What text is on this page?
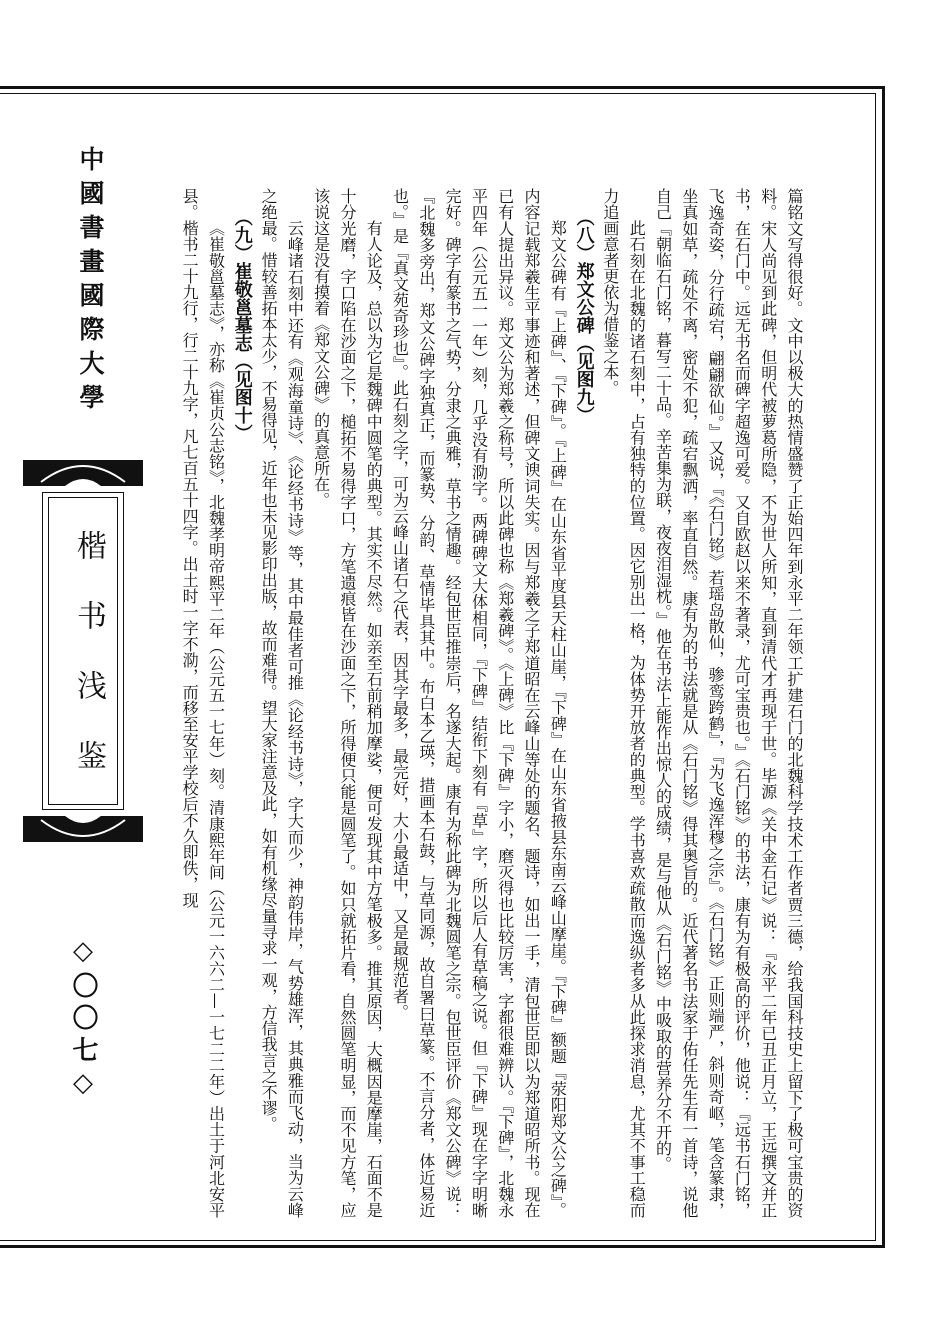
中國書畫國際大學
楷书浅鉴
◇〇〇七◇	篇铭文写得很好。文中以极大的热情盛赞了正始四年到永平二年领工扩建石门的北魏科学技术工作者贾三德，给我国科技史上留下了极可宝贵的资料。宋人尚见到此碑，但明代被萝葛所隐，不为世人所知，直到清代才再现于世。毕源《关中金石记》说：『永平二年已丑正月立，王远撰文并正书，在石门中。远无书名而碑字超逸可爱。又自欧赵以来不著录，尤可宝贵也。』《石门铭》的书法，康有为有极高的评价，他说：『远书石门铭，飞逸奇姿，分行疏宕，翩翩欲仙。』又说，『《石门铭》若瑶岛散仙，骖鸾跨鹤』，『为飞逸浑穆之宗』。《石门铭》正则端严，斜则奇岖，笔含篆隶，坐真如草，疏处不离，密处不犯，疏宕飘洒，率直自然。康有为的书法就是从《石门铭》得其奥旨的。近代著名书法家于佑任先生有一首诗，说他自己『朝临石门铭，暮写二十品。辛苦集为联，夜夜泪湿枕。』他在书法上能作出惊人的成绩，是与他从《石门铭》中吸取的营养分不开的。

此石刻在北魏的诸石刻中，占有独特的位置。因它别出一格，为体势开放者的典型。学书喜欢疏散而逸纵者多从此探求消息，尤其不事工稳而力追画意者更依为借鉴之本。

（八）郑文公碑（见图九）

郑文公碑有『上碑』、『下碑』。『上碑』在山东省平度县天柱山崖，『下碑』在山东省掖县东南云峰山摩崖。『下碑』额题『荥阳郑文公之碑』。内容记载郑羲生平事迹和著述，但碑文谀词失实。因与郑羲之子郑道昭在云峰山等处的题名、题诗，如出一手，清包世臣即以为郑道昭所书。现在已有人提出异议。郑文公为郑羲之称号，所以此碑也称《郑羲碑》。《上碑》比『下碑』字小，磨灭得也比较厉害，字都很难辨认。『下碑』，北魏永平四年（公元五一一年）刻，几乎没有泐字。两碑碑文大体相同，『下碑』结衔下刻有『草』字，所以后人有草稿之说。但『下碑』现在字字明晰完好。碑字有篆书之气势，分隶之典雅，草书之情趣。经包世臣推崇后，名遂大起。康有为称此碑为北魏圆笔之宗。包世臣评价《郑文公碑》说：『北魏多旁出，郑文公碑字独真正，而篆势、分韵、草情毕具其中。布白本乙瑛，措画本石鼓，与草同源，故自署曰草篆。不言分者，体近易近也。』是『真文苑奇珍也』。此石刻之字，可为云峰山诸石之代表，因其字最多，最完好，大小最适中，又是最规范者。

有人论及，总以为它是魏碑中圆笔的典型。其实不尽然。如亲至石前稍加摩娑，便可发现其中方笔极多。推其原因，大概因是摩崖，石面不是十分光磨，字口陷在沙面之下，槌拓不易得字口，方笔遗痕皆在沙面之下，所得便只能是圆笔了。如只就拓片看，自然圆笔明显，而不见方笔，应该说这是没有摸着《郑文公碑》的真意所在。

云峰诸石刻中还有《观海童诗》、《论经书诗》等，其中最佳者可推《论经书诗》，字大而少，神韵伟岸，气势雄浑，其典雅而飞动，当为云峰之绝最。惜较善拓本太少，不易得见，近年也未见影印出版，故而难得。望大家注意及此，如有机缘尽量寻求一观，方信我言之不谬。

（九）崔敬邕墓志（见图十）

《崔敬邕墓志》，亦称《崔贞公志铭》，北魏孝明帝熙平二年（公元五一七年）刻。清康熙年间（公元一六六二—一七二二年）出土于河北安平县。楷书二十九行，行二十九字，凡七百五十四字。出土时一字不泐，而移至安平学校后不久即佚，现
